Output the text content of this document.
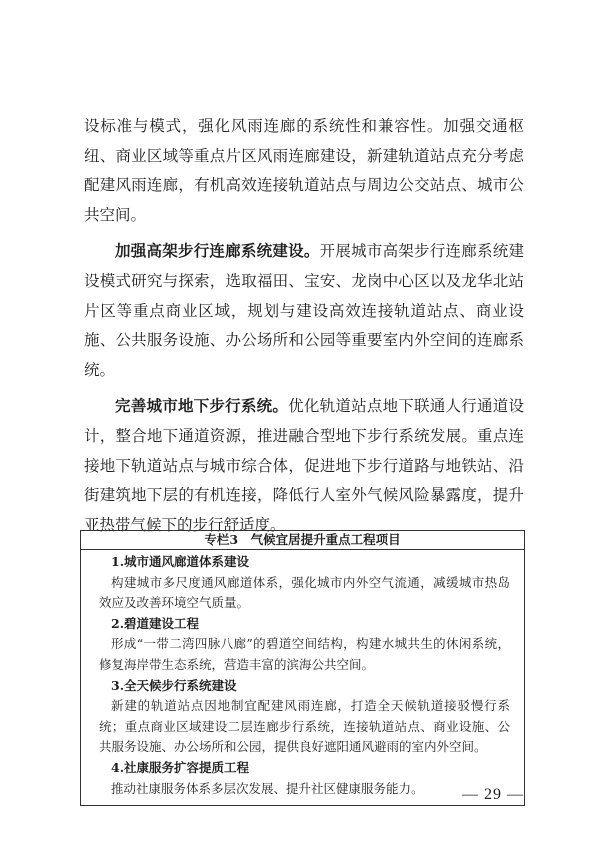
设标准与模式，强化风雨连廊的系统性和兼容性。加强交通枢纽、商业区域等重点片区风雨连廊建设，新建轨道站点充分考虑配建风雨连廊，有机高效连接轨道站点与周边公交站点、城市公共空间。

加强高架步行连廊系统建设。开展城市高架步行连廊系统建设模式研究与探索，选取福田、宝安、龙岗中心区以及龙华北站片区等重点商业区域，规划与建设高效连接轨道站点、商业设施、公共服务设施、办公场所和公园等重要室内外空间的连廊系统。

完善城市地下步行系统。优化轨道站点地下联通人行通道设计，整合地下通道资源，推进融合型地下步行系统发展。重点连接地下轨道站点与城市综合体，促进地下步行道路与地铁站、沿街建筑地下层的有机连接，降低行人室外气候风险暴露度，提升亚热带气候下的步行舒适度。

专栏3　气候宜居提升重点工程项目
1.城市通风廊道体系建设

构建城市多尺度通风廊道体系，强化城市内外空气流通，减缓城市热岛效应及改善环境空气质量。

2.碧道建设工程

形成“一带二湾四脉八廊”的碧道空间结构，构建水城共生的休闲系统，修复海岸带生态系统，营造丰富的滨海公共空间。

3.全天候步行系统建设

新建的轨道站点因地制宜配建风雨连廊，打造全天候轨道接驳慢行系统；重点商业区域建设二层连廊步行系统，连接轨道站点、商业设施、公共服务设施、办公场所和公园，提供良好遮阳通风避雨的室内外空间。

4.社康服务扩容提质工程

推动社康服务体系多层次发展、提升社区健康服务能力。	— 29 —
